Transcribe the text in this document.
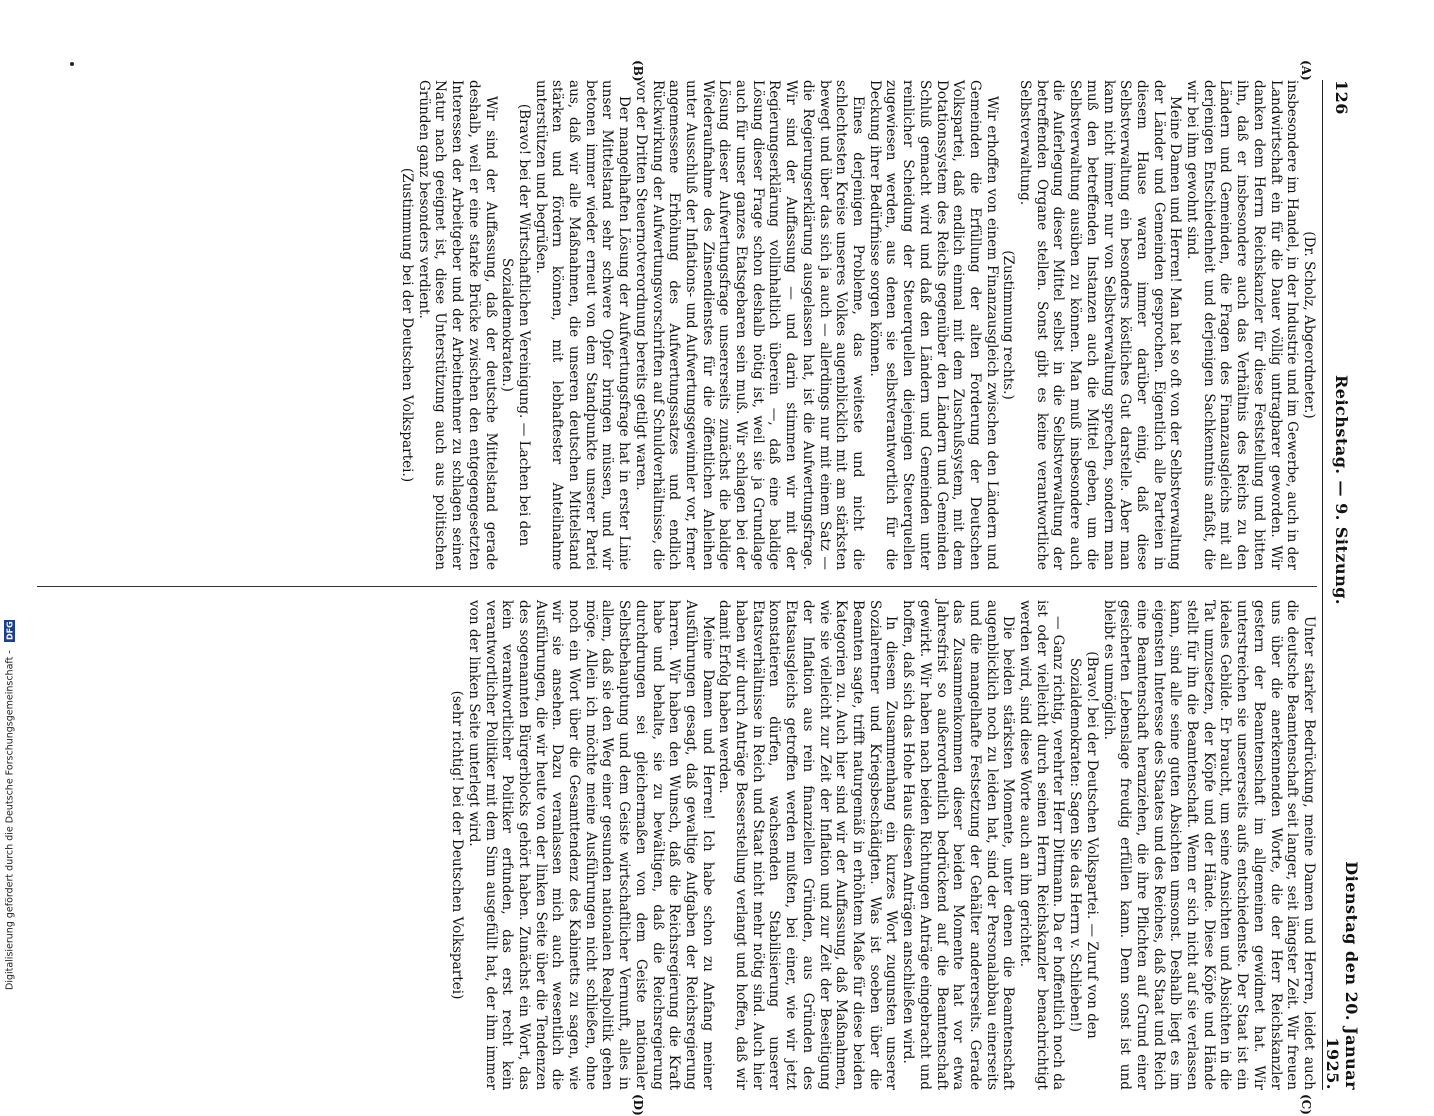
126
Reichstag. — 9. Sitzung.
Dienstag den 20. Januar 1925.
(A)
(B)
(C)
(D)

(Dr. Scholz, Abgeordneter.)

insbesondere im Handel, in der Industrie und im Gewerbe, auch in der Landwirtschaft ein für die Dauer völlig untragbarer geworden. Wir danken dem Herrn Reichskanzler für diese Feststellung und bitten ihn, daß er insbesondere auch das Verhältnis des Reichs zu den Ländern und Gemeinden, die Fragen des Finanzausgleichs mit all derjenigen Entschiedenheit und derjenigen Sachkenntnis anfaßt, die wir bei ihm gewohnt sind.

Meine Damen und Herren! Man hat so oft von der Selbstverwaltung der Länder und Gemeinden gesprochen. Eigentlich alle Parteien in diesem Hause waren immer darüber einig, daß diese Selbstverwaltung ein besonders köstliches Gut darstelle. Aber man kann nicht immer nur von Selbstverwaltung sprechen, sondern man muß den betreffenden Instanzen auch die Mittel geben, um die Selbstverwaltung ausüben zu können. Man muß insbesondere auch die Auferlegung dieser Mittel selbst in die Selbstverwaltung der betreffenden Organe stellen. Sonst gibt es keine verantwortliche Selbstverwaltung.

(Zustimmung rechts.)

Wir erhoffen von einem Finanzausgleich zwischen den Ländern und Gemeinden die Erfüllung der alten Forderung der Deutschen Volkspartei, daß endlich einmal mit dem Zuschußsystem, mit dem Dotationssystem des Reichs gegenüber den Ländern und Gemeinden Schluß gemacht wird und daß den Ländern und Gemeinden unter reinlicher Scheidung der Steuerquellen diejenigen Steuerquellen zugewiesen werden, aus denen sie selbstverantwortlich für die Deckung ihrer Bedürfnisse sorgen können.

Eines derjenigen Probleme, das weiteste und nicht die schlechtesten Kreise unseres Volkes augenblicklich mit am stärksten bewegt und über das sich ja auch — allerdings nur mit einem Satz — die Regierungserklärung ausgelassen hat, ist die Aufwertungsfrage. Wir sind der Auffassung — und darin stimmen wir mit der Regierungserklärung vollinhaltlich überein —, daß eine baldige Lösung dieser Frage schon deshalb nötig ist, weil sie ja Grundlage auch für unser ganzes Etatsgebaren sein muß. Wir schlagen bei der Lösung dieser Aufwertungsfrage unsererseits zunächst die baldige Wiederaufnahme des Zinsendienstes für die öffentlichen Anleihen unter Ausschluß der Inflations- und Aufwertungsgewinnler vor, ferner angemessene Erhöhung des Aufwertungssatzes und endlich Rückwirkung der Aufwertungsvorschriften auf Schuldverhältnisse, die vor der Dritten Steuernotverordnung bereits getilgt waren.

Der mangelhaften Lösung der Aufwertungsfrage hat in erster Linie unser Mittelstand sehr schwere Opfer bringen müssen, und wir betonen immer wieder erneut von dem Standpunkte unserer Partei aus, daß wir alle Maßnahmen, die unseren deutschen Mittelstand stärken und fördern können, mit lebhaftester Anteilnahme unterstützen und begrüßen.

(Bravo! bei der Wirtschaftlichen Vereinigung. — Lachen bei den Sozialdemokraten.)

Wir sind der Auffassung, daß der deutsche Mittelstand gerade deshalb, weil er eine starke Brücke zwischen den entgegengesetzten Interessen der Arbeitgeber und der Arbeitnehmer zu schlagen seiner Natur nach geeignet ist, diese Unterstützung auch aus politischen Gründen ganz besonders verdient.

(Zustimmung bei der Deutschen Volkspartei.)

Unter starker Bedrückung, meine Damen und Herren, leidet auch die deutsche Beamtenschaft seit langer, seit längster Zeit. Wir freuen uns über die anerkennenden Worte, die der Herr Reichskanzler gestern der Beamtenschaft im allgemeinen gewidmet hat. Wir unterstreichen sie unsererseits aufs entschiedenste. Der Staat ist ein ideales Gebilde. Er braucht, um seine Ansichten und Absichten in die Tat umzusetzen, der Köpfe und der Hände. Diese Köpfe und Hände stellt für ihn die Beamtenschaft. Wenn er sich nicht auf sie verlassen kann, sind alle seine guten Absichten umsonst. Deshalb liegt es im eigensten Interesse des Staates und des Reiches, daß Staat und Reich eine Beamtenschaft heranziehen, die ihre Pflichten auf Grund einer gesicherten Lebenslage freudig erfüllen kann. Denn sonst ist und bleibt es unmöglich.

(Bravo! bei der Deutschen Volkspartei. — Zuruf von den Sozialdemokraten: Sagen Sie das Herrn v. Schlieben!)

— Ganz richtig, verehrter Herr Dittmann. Da er hoffentlich noch da ist oder vielleicht durch seinen Herrn Reichskanzler benachrichtigt werden wird, sind diese Worte auch an ihn gerichtet.

Die beiden stärksten Momente, unter denen die Beamtenschaft augenblicklich noch zu leiden hat, sind der Personalabbau einerseits und die mangelhafte Festsetzung der Gehälter andererseits. Gerade das Zusammenkommen dieser beiden Momente hat vor etwa Jahresfrist so außerordentlich bedrückend auf die Beamtenschaft gewirkt. Wir haben nach beiden Richtungen Anträge eingebracht und hoffen, daß sich das Hohe Haus diesen Anträgen anschließen wird.

In diesem Zusammenhang ein kurzes Wort zugunsten unserer Sozialrentner und Kriegsbeschädigten. Was ist soeben über die Beamten sagte, trifft naturgemäß in erhöhtem Maße für diese beiden Kategorien zu. Auch hier sind wir der Auffassung, daß Maßnahmen, wie sie vielleicht zur Zeit der Inflation und zur Zeit der Beseitigung der Inflation aus rein finanziellen Gründen, aus Gründen des Etatsausgleichs getroffen werden mußten, bei einer, wie wir jetzt konstatieren dürfen, wachsenden Stabilisierung unserer Etatsverhältnisse in Reich und Staat nicht mehr nötig sind. Auch hier haben wir durch Anträge Besserstellung verlangt und hoffen, daß wir damit Erfolg haben werden.

Meine Damen und Herren! Ich habe schon zu Anfang meiner Ausführungen gesagt, daß gewaltige Aufgaben der Reichsregierung harren. Wir haben den Wunsch, daß die Reichsregierung die Kraft habe und behalte, sie zu bewältigen, daß die Reichsregierung durchdrungen sei gleichermaßen von dem Geiste nationaler Selbstbehauptung und dem Geiste wirtschaftlicher Vernunft, alles in allem, daß sie den Weg einer gesunden nationalen Realpolitik gehen möge. Allein ich möchte meine Ausführungen nicht schließen, ohne noch ein Wort über die Gesamttendenz des Kabinetts zu sagen, wie wir sie ansehen. Dazu veranlassen mich auch wesentlich die Ausführungen, die wir heute von der linken Seite über die Tendenzen des sogenannten Bürgerblocks gehört haben. Zunächst ein Wort, das kein verantwortlicher Politiker erfunden, das erst recht kein verantwortlicher Politiker mit dem Sinn ausgefüllt hat, der ihm immer von der linken Seite unterlegt wird.

(sehr richtig! bei der Deutschen Volkspartei)

Digitalisierung gefördert durch die Deutsche Forschungsgemeinschaft -
DFG
